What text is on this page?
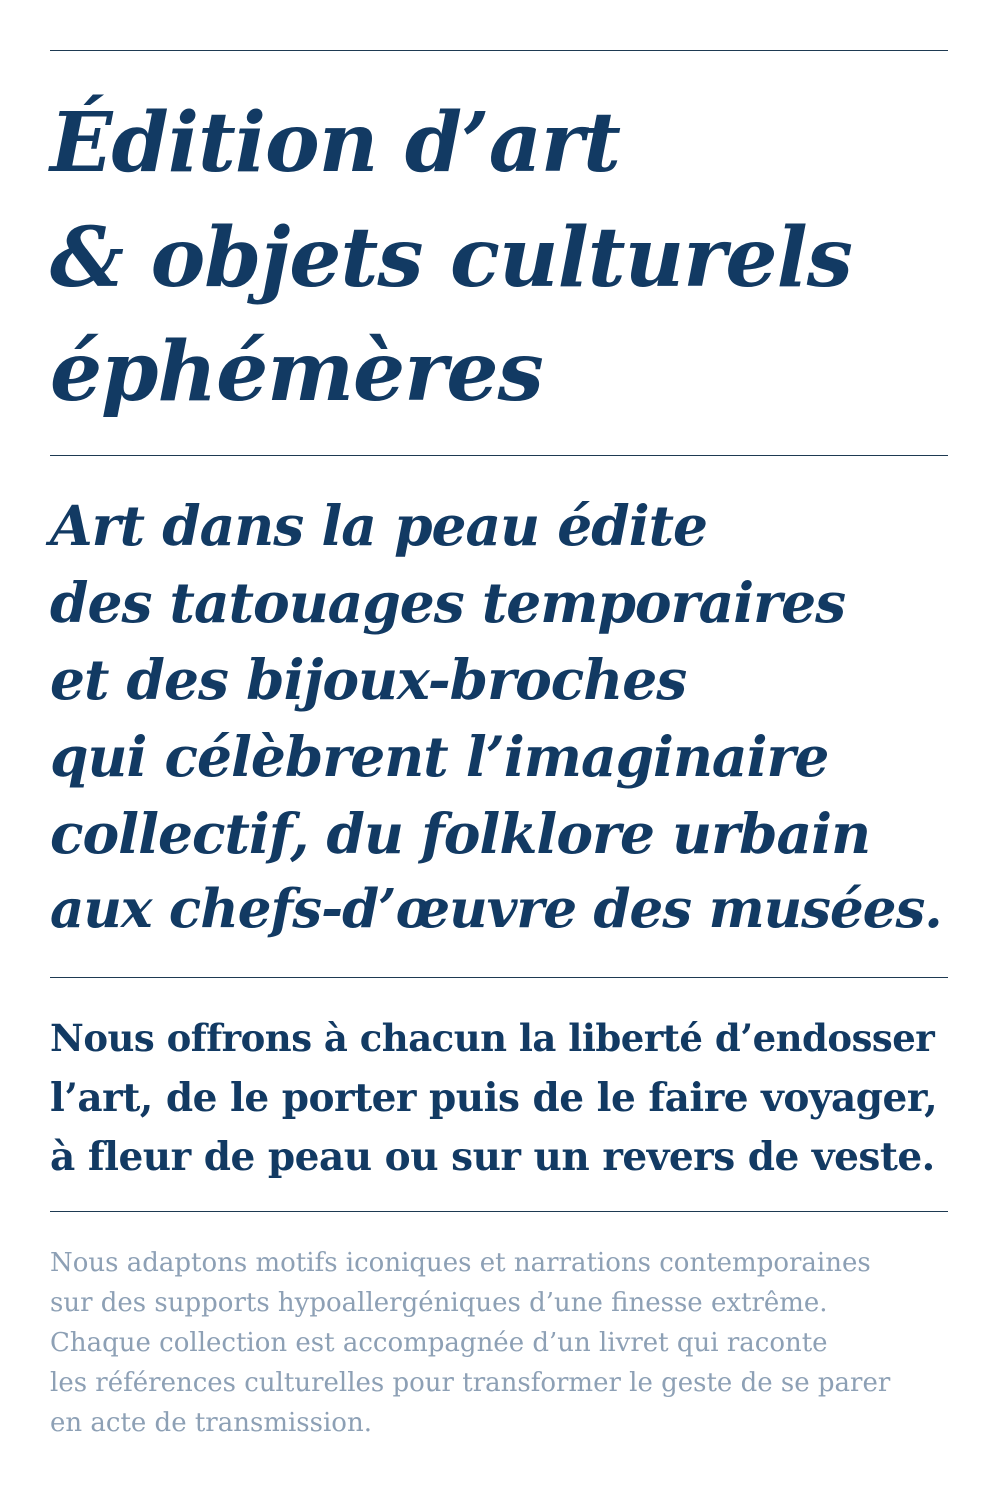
Édition d’art
& objets culturels
éphémères
Art dans la peau édite
des tatouages temporaires
et des bijoux-broches
qui célèbrent l’imaginaire
collectif, du folklore urbain
aux chefs-d’œuvre des musées.
Nous offrons à chacun la liberté d’endosser
l’art, de le porter puis de le faire voyager,
à fleur de peau ou sur un revers de veste.
Nous adaptons motifs iconiques et narrations contemporaines
sur des supports hypoallergéniques d’une finesse extrême.
Chaque collection est accompagnée d’un livret qui raconte
les références culturelles pour transformer le geste de se parer
en acte de transmission.
